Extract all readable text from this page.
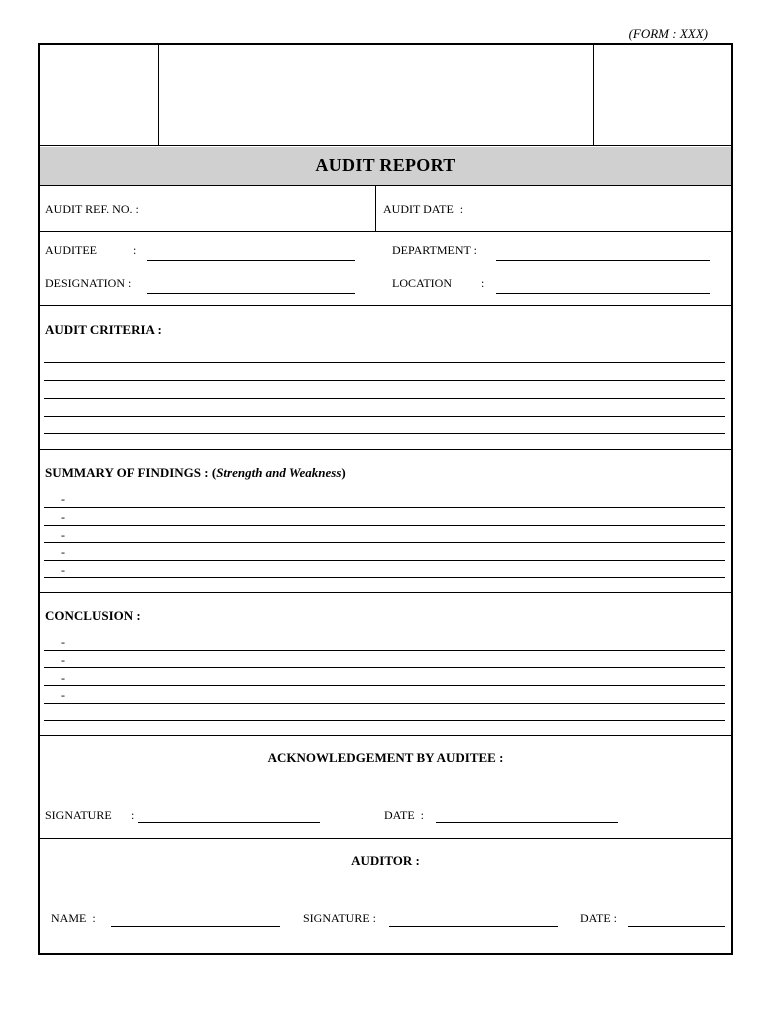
(FORM : XXX)
AUDIT REPORT
AUDIT REF. NO. :	AUDIT DATE  :
AUDITEE	:	DEPARTMENT :
DESIGNATION :	LOCATION :
AUDIT CRITERIA :
SUMMARY OF FINDINGS : (Strength and Weakness)
-
-
-
-
-
CONCLUSION :
-
-
-
-
ACKNOWLEDGEMENT BY AUDITEE :
SIGNATURE :	DATE  :
AUDITOR :
NAME  :	SIGNATURE :	DATE :
